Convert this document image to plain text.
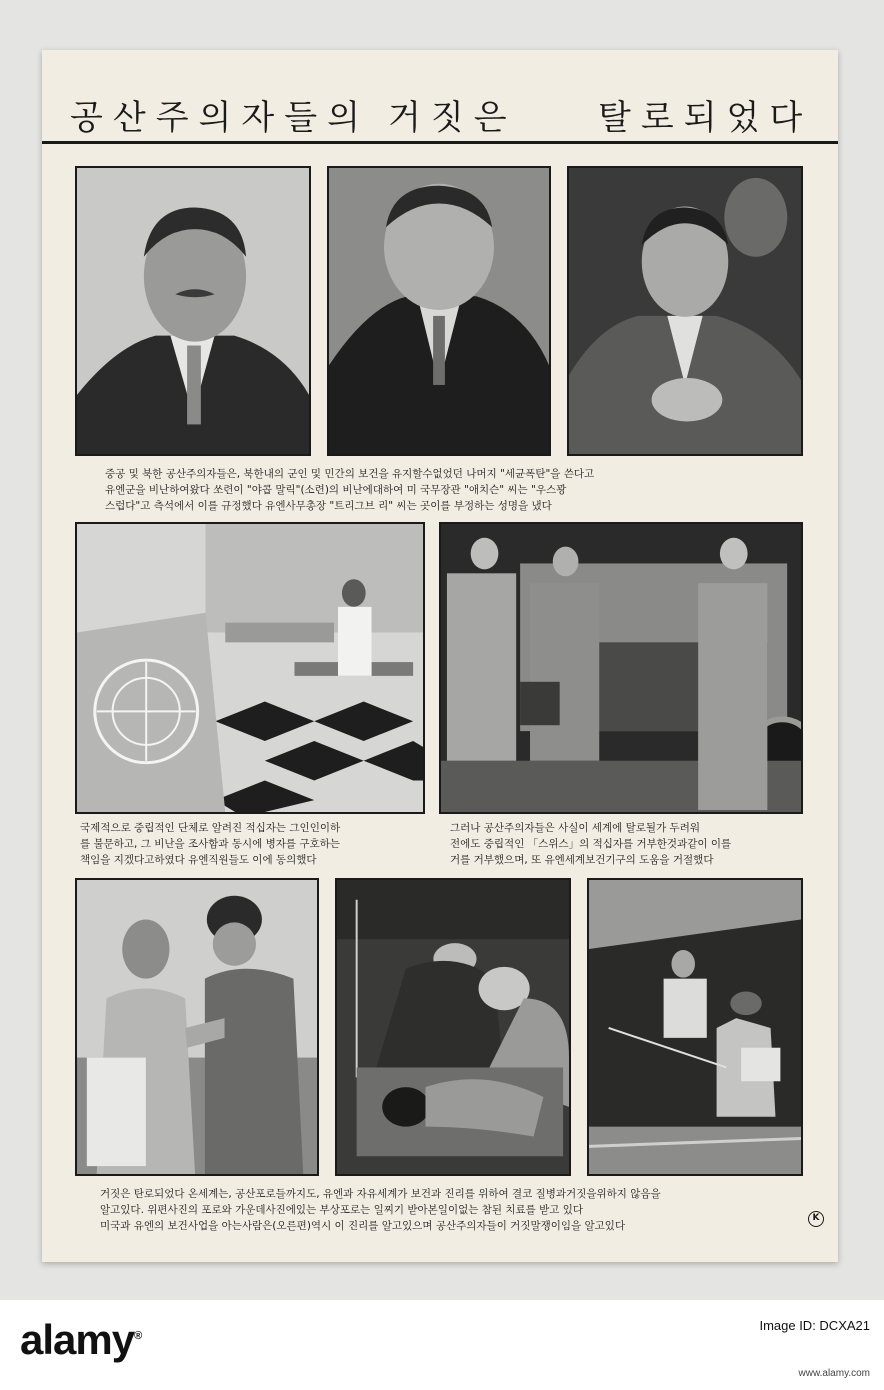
공산주의자들의 거짓은 탈로되었다
중공 및 북한 공산주의자들은, 북한내의 군인 및 민간의 보건을 유지할수없었던 나머지 "세균폭탄"을 쓴다고
유엔군을 비난하여왔다 쏘련이 "야콥 말릭"(소련)의 비난에대하여 미 국무장관 "애치슨" 씨는 "우스꽝
스럽다"고 측석에서 이를 규정했다 유엔사무총장 "트리그브 리" 씨는 곳이를 부정하는 성명을 냈다
국제적으로 중립적인 단체로 알려진 적십자는 그인인이하
를 불문하고, 그 비난을 조사함과 동시에 병자를 구호하는
책임을 지겠다고하였다 유엔직원들도 이에 동의했다
그러나 공산주의자들은 사실이 세계에 탈로될가 두려워
전에도 중립적인 「스위스」의 적십자를 거부한것과같이 이를
거를 거부했으며, 또 유엔세계보건기구의 도움을 거절했다
거짓은 탄로되었다 온세계는, 공산포로들까지도, 유엔과 자유세계가 보건과 진리를 위하여 결코 질병과거짓을위하지 않음을
알고있다. 위편사진의 포로와 가운데사진에있는 부상포로는 일찌기 받아본일이없는 참된 치료를 받고 있다
미국과 유엔의 보건사업을 아는사람은(오른편)역시 이 진리를 알고있으며 공산주의자들이 거짓말쟁이임을 알고있다
K
alamy®
Image ID: DCXA21
www.alamy.com
